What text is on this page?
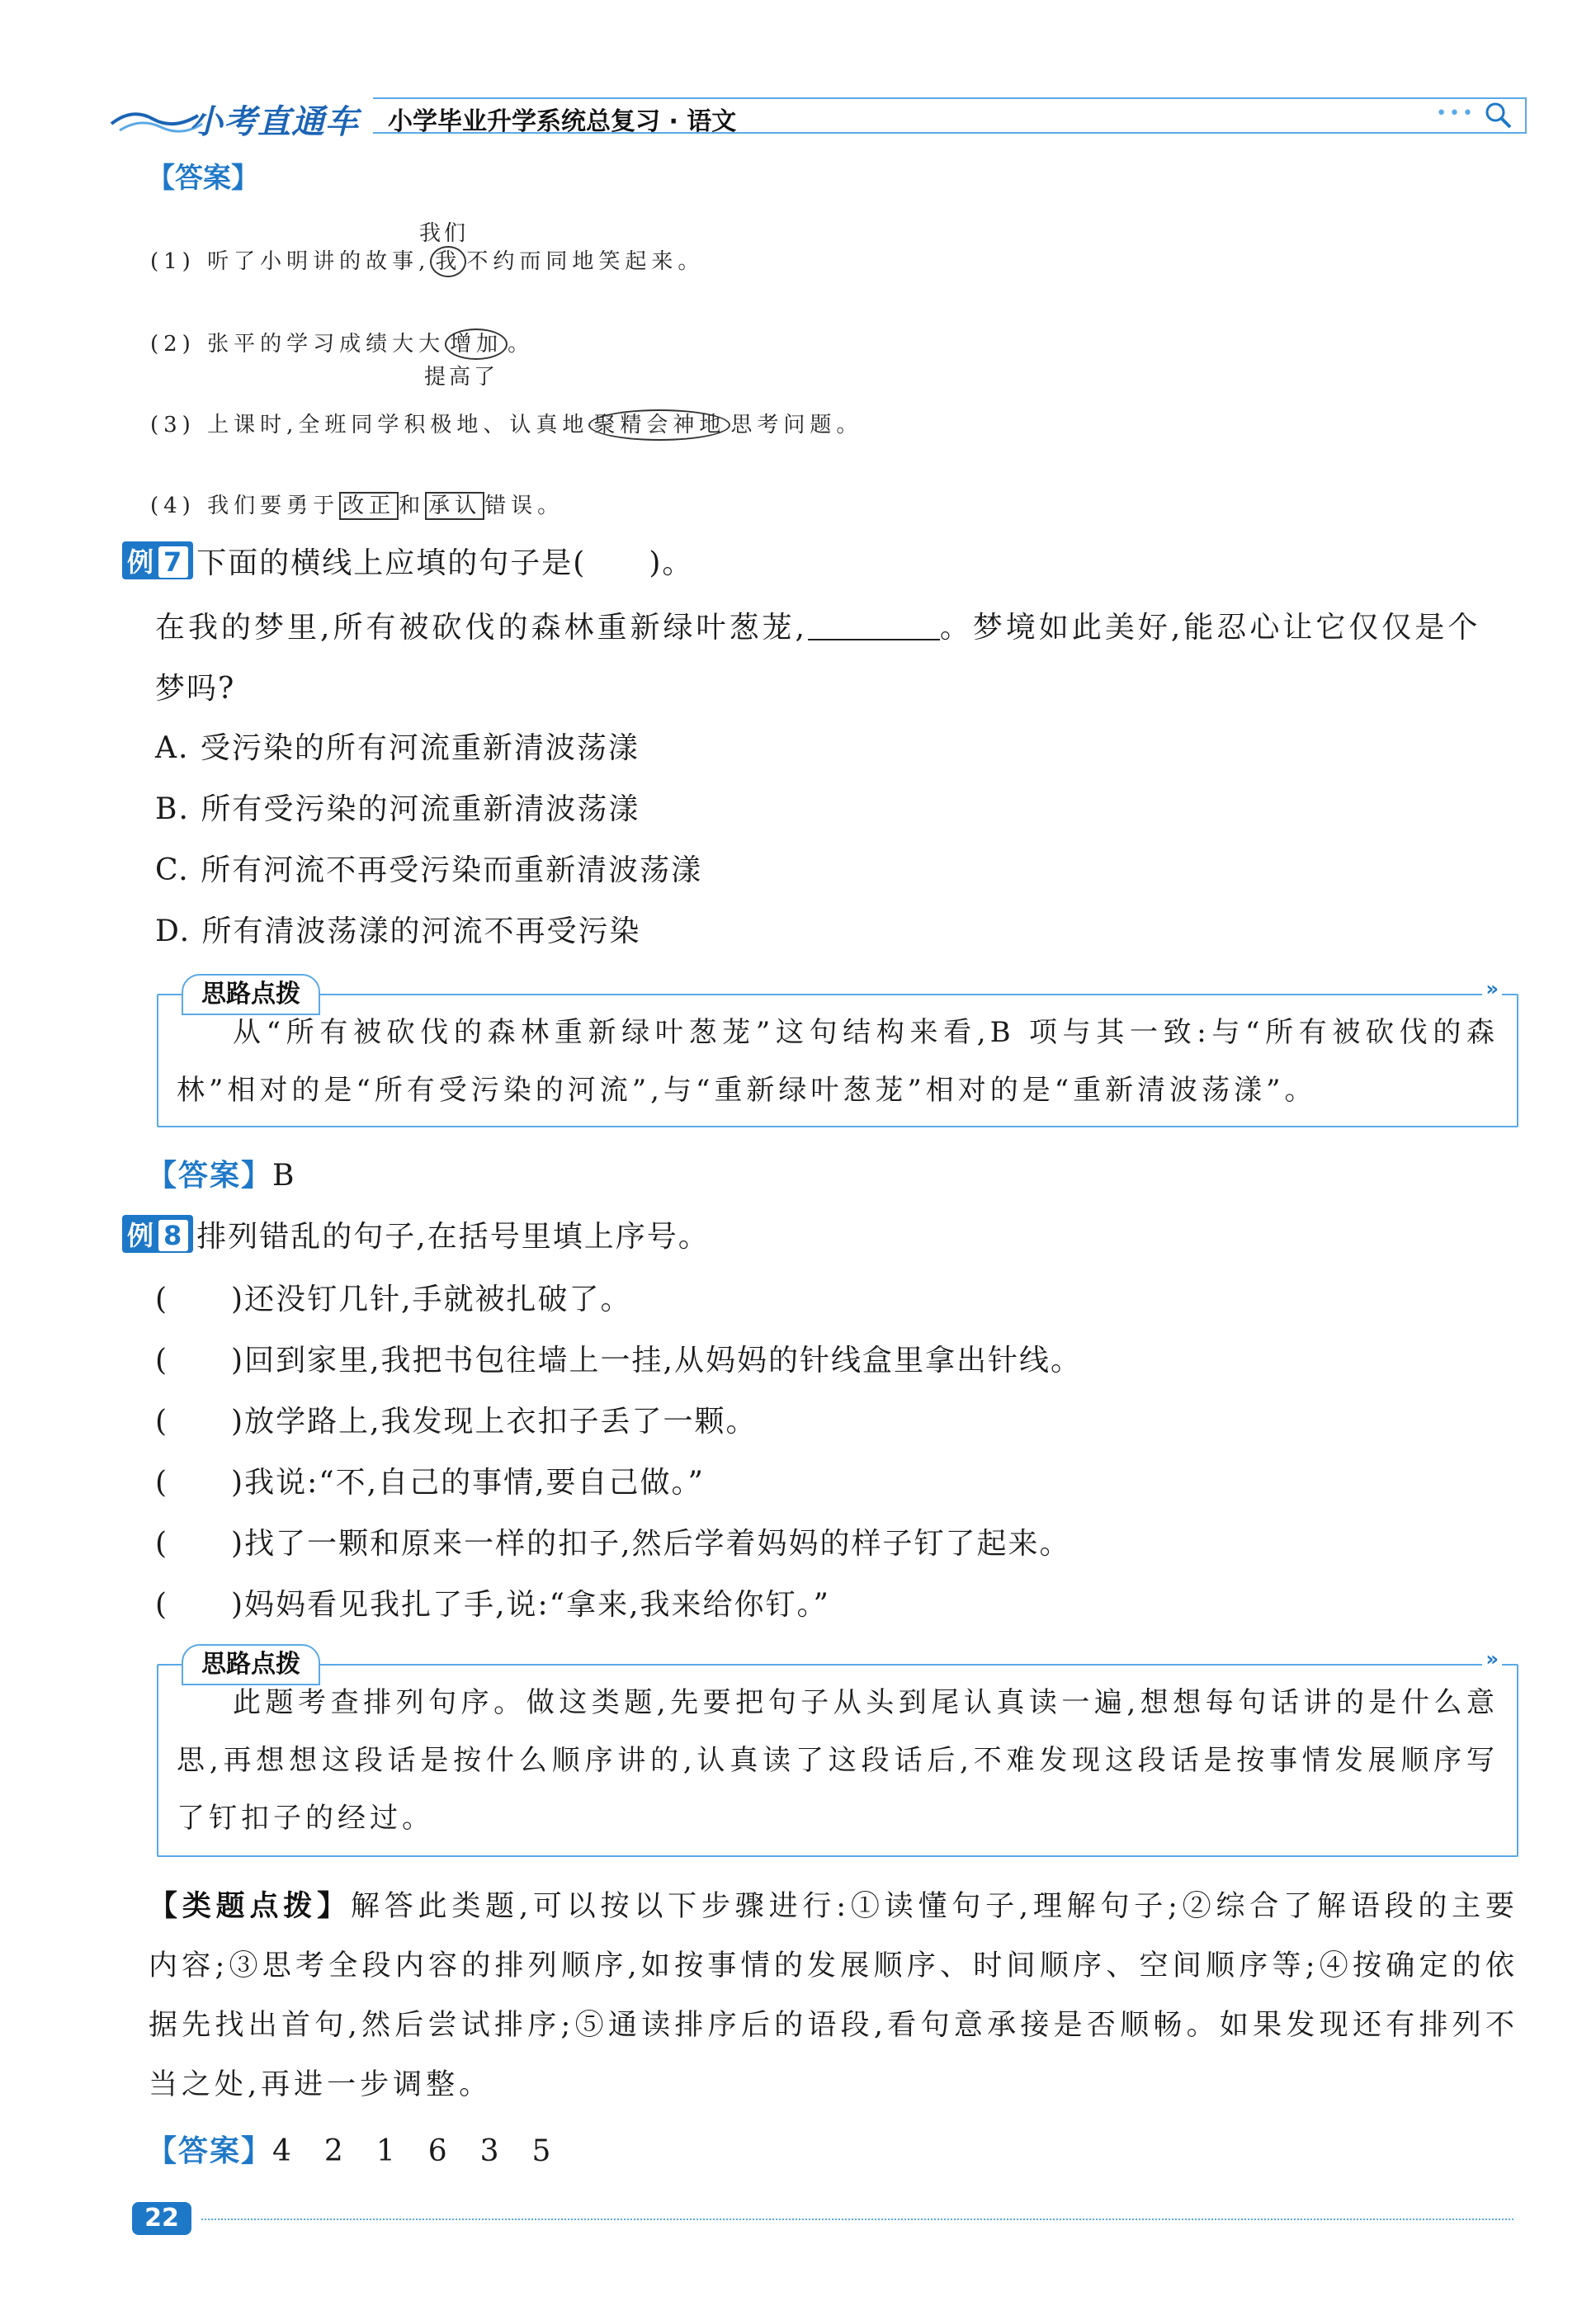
小考直通车 小学毕业升学系统总复习 · 语文	•••
【答案】
我们
(1) 听了小明讲的故事, 我 不约而同地笑起来。
(2) 张平的学习成绩大大 增加 。
提高了
(3) 上课时,全班同学积极地、认真地 聚精会神地 思考问题。
(4) 我们要勇于 改正 和 承认 错误。
例 7 下面的横线上应填的句子是(　　)。
在我的梦里,所有被砍伐的森林重新绿叶葱茏,	。梦境如此美好,能忍心让它仅仅是个
梦吗?
A. 受污染的所有河流重新清波荡漾
B. 所有受污染的河流重新清波荡漾
C. 所有河流不再受污染而重新清波荡漾
D. 所有清波荡漾的河流不再受污染
思路点拨	»
从“所有被砍伐的森林重新绿叶葱茏”这句结构来看,B 项与其一致:与“所有被砍伐的森林”相对的是“所有受污染的河流”,与“重新绿叶葱茏”相对的是“重新清波荡漾”。
【答案】B
例 8 排列错乱的句子,在括号里填上序号。
(　　)还没钉几针,手就被扎破了。
(　　)回到家里,我把书包往墙上一挂,从妈妈的针线盒里拿出针线。
(　　)放学路上,我发现上衣扣子丢了一颗。
(　　)我说:“不,自己的事情,要自己做。”
(　　)找了一颗和原来一样的扣子,然后学着妈妈的样子钉了起来。
(　　)妈妈看见我扎了手,说:“拿来,我来给你钉。”
思路点拨	»
此题考查排列句序。做这类题,先要把句子从头到尾认真读一遍,想想每句话讲的是什么意思,再想想这段话是按什么顺序讲的,认真读了这段话后,不难发现这段话是按事情发展顺序写了钉扣子的经过。
【类题点拨】解答此类题,可以按以下步骤进行:①读懂句子,理解句子;②综合了解语段的主要内容;③思考全段内容的排列顺序,如按事情的发展顺序、时间顺序、空间顺序等;④按确定的依据先找出首句,然后尝试排序;⑤通读排序后的语段,看句意承接是否顺畅。如果发现还有排列不当之处,再进一步调整。
【答案】4　2　1　6　3　5
22
